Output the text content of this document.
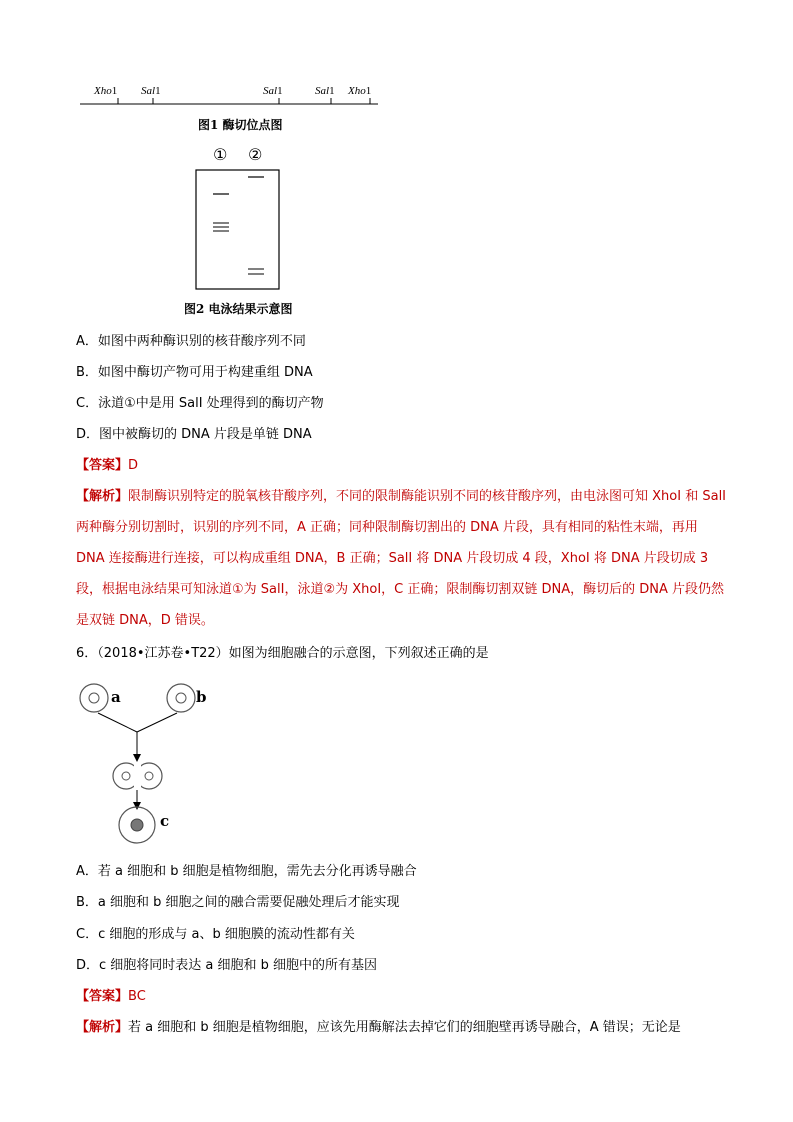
Xho1 Sal1	Sal1	Sal1 Xho1
图1 酶切位点图
① ②
图2 电泳结果示意图
A．如图中两种酶识别的核苷酸序列不同
B．如图中酶切产物可用于构建重组 DNA
C．泳道①中是用 SalI 处理得到的酶切产物
D．图中被酶切的 DNA 片段是单链 DNA
【答案】D
【解析】限制酶识别特定的脱氧核苷酸序列，不同的限制酶能识别不同的核苷酸序列，由电泳图可知 XhoI 和 SalI 两种酶分别切割时，识别的序列不同，A 正确；同种限制酶切割出的 DNA 片段，具有相同的粘性末端，再用 DNA 连接酶进行连接，可以构成重组 DNA，B 正确；SalI 将 DNA 片段切成 4 段，XhoI 将 DNA 片段切成 3 段，根据电泳结果可知泳道①为 SalI，泳道②为 XhoI，C 正确；限制酶切割双链 DNA，酶切后的 DNA 片段仍然是双链 DNA，D 错误。
6．（2018•江苏卷•T22）如图为细胞融合的示意图，下列叙述正确的是
a	b
c
A．若 a 细胞和 b 细胞是植物细胞，需先去分化再诱导融合
B．a 细胞和 b 细胞之间的融合需要促融处理后才能实现
C．c 细胞的形成与 a、b 细胞膜的流动性都有关
D．c 细胞将同时表达 a 细胞和 b 细胞中的所有基因
【答案】BC
【解析】若 a 细胞和 b 细胞是植物细胞，应该先用酶解法去掉它们的细胞壁再诱导融合，A 错误；无论是
